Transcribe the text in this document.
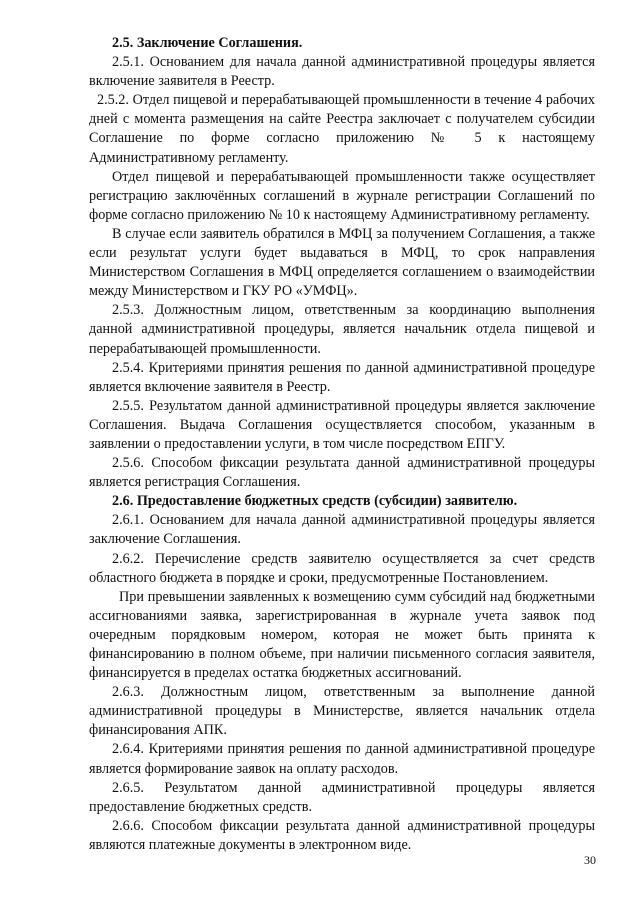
2.5. Заключение Соглашения.

2.5.1. Основанием для начала данной административной процедуры является включение заявителя в Реестр.

2.5.2. Отдел пищевой и перерабатывающей промышленности в течение 4 рабочих дней с момента размещения на сайте Реестра заключает с получателем субсидии Соглашение по форме согласно приложению № 5 к настоящему Административному регламенту.

Отдел пищевой и перерабатывающей промышленности также осуществляет регистрацию заключённых соглашений в журнале регистрации Соглашений по форме согласно приложению № 10 к настоящему Административному регламенту.

В случае если заявитель обратился в МФЦ за получением Соглашения, а также если результат услуги будет выдаваться в МФЦ, то срок направления Министерством Соглашения в МФЦ определяется соглашением о взаимодействии между Министерством и ГКУ РО «УМФЦ».

2.5.3. Должностным лицом, ответственным за координацию выполнения данной административной процедуры, является начальник отдела пищевой и перерабатывающей промышленности.

2.5.4. Критериями принятия решения по данной административной процедуре является включение заявителя в Реестр.

2.5.5. Результатом данной административной процедуры является заключение Соглашения. Выдача Соглашения осуществляется способом, указанным в заявлении о предоставлении услуги, в том числе посредством ЕПГУ.

2.5.6. Способом фиксации результата данной административной процедуры является регистрация Соглашения.

2.6. Предоставление бюджетных средств (субсидии) заявителю.

2.6.1. Основанием для начала данной административной процедуры является заключение Соглашения.

2.6.2. Перечисление средств заявителю осуществляется за счет средств областного бюджета в порядке и сроки, предусмотренные Постановлением.

При превышении заявленных к возмещению сумм субсидий над бюджетными ассигнованиями заявка, зарегистрированная в журнале учета заявок под очередным порядковым номером, которая не может быть принята к финансированию в полном объеме, при наличии письменного согласия заявителя, финансируется в пределах остатка бюджетных ассигнований.

2.6.3. Должностным лицом, ответственным за выполнение данной административной процедуры в Министерстве, является начальник отдела финансирования АПК.

2.6.4. Критериями принятия решения по данной административной процедуре является формирование заявок на оплату расходов.

2.6.5. Результатом данной административной процедуры является предоставление бюджетных средств.

2.6.6. Способом фиксации результата данной административной процедуры являются платежные документы в электронном виде.

30
